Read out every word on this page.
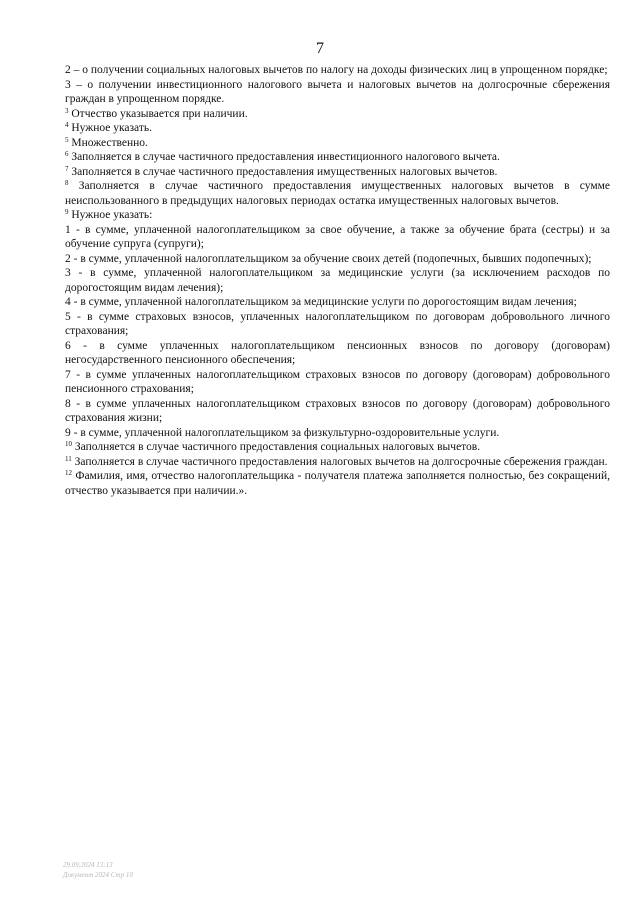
7

2 – о получении социальных налоговых вычетов по налогу на доходы физических лиц в упрощенном порядке;

3 – о получении инвестиционного налогового вычета и налоговых вычетов на долгосрочные сбережения граждан в упрощенном порядке.

$^3$ Отчество указывается при наличии.

$^4$ Нужное указать.

$^5$ Множественно.

$^6$ Заполняется в случае частичного предоставления инвестиционного налогового вычета.

$^7$ Заполняется в случае частичного предоставления имущественных налоговых вычетов.

$^8$ Заполняется в случае частичного предоставления имущественных налоговых вычетов в сумме неиспользованного в предыдущих налоговых периодах остатка имущественных налоговых вычетов.

$^9$ Нужное указать:

1 - в сумме, уплаченной налогоплательщиком за свое обучение, а также за обучение брата (сестры) и за обучение супруга (супруги);

2 - в сумме, уплаченной налогоплательщиком за обучение своих детей (подопечных, бывших подопечных);

3 - в сумме, уплаченной налогоплательщиком за медицинские услуги (за исключением расходов по дорогостоящим видам лечения);

4 - в сумме, уплаченной налогоплательщиком за медицинские услуги по дорогостоящим видам лечения;

5 - в сумме страховых взносов, уплаченных налогоплательщиком по договорам добровольного личного страхования;

6 - в сумме уплаченных налогоплательщиком пенсионных взносов по договору (договорам) негосударственного пенсионного обеспечения;

7 - в сумме уплаченных налогоплательщиком страховых взносов по договору (договорам) добровольного пенсионного страхования;

8 - в сумме уплаченных налогоплательщиком страховых взносов по договору (договорам) добровольного страхования жизни;

9 - в сумме, уплаченной налогоплательщиком за физкультурно-оздоровительные услуги.

$^{10}$ Заполняется в случае частичного предоставления социальных налоговых вычетов.

$^{11}$ Заполняется в случае частичного предоставления налоговых вычетов на долгосрочные сбережения граждан.

$^{12}$ Фамилия, имя, отчество налогоплательщика - получателя платежа заполняется полностью, без сокращений, отчество указывается при наличии.».

29.09.2024 13:13
Документ 2024 Стр 10
